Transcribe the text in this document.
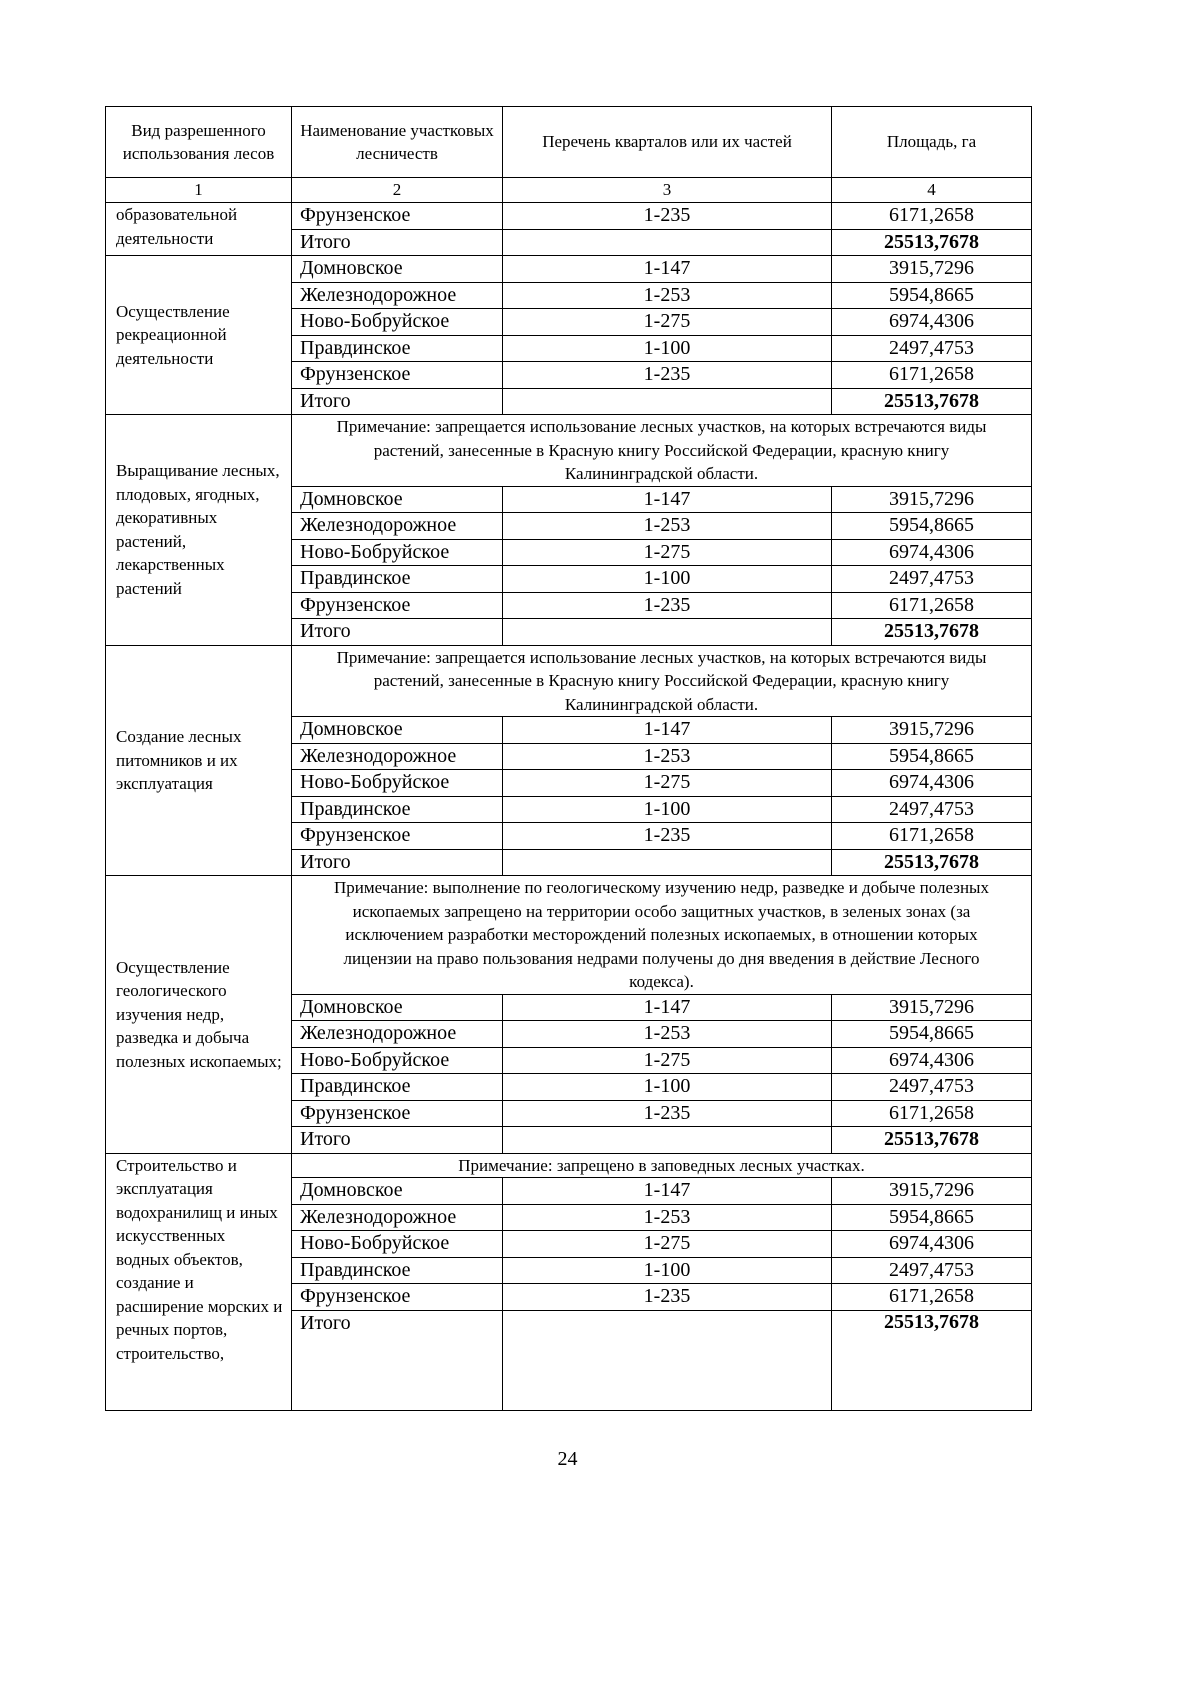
Вид разрешенного использования лесов	Наименование участковых лесничеств	Перечень кварталов или их частей	Площадь, га
1	2	3	4
образовательной деятельности	Фрунзенское	1-235	6171,2658
	Итого		25513,7678
Осуществление рекреационной деятельности	Домновское	1-147	3915,7296
	Железнодорожное	1-253	5954,8665
	Ново-Бобруйское	1-275	6974,4306
	Правдинское	1-100	2497,4753
	Фрунзенское	1-235	6171,2658
	Итого		25513,7678
Выращивание лесных, плодовых, ягодных, декоративных растений, лекарственных растений	Примечание: запрещается использование лесных участков, на которых встречаются виды растений, занесенные в Красную книгу Российской Федерации, красную книгу Калининградской области.		
	Домновское	1-147	3915,7296
	Железнодорожное	1-253	5954,8665
	Ново-Бобруйское	1-275	6974,4306
	Правдинское	1-100	2497,4753
	Фрунзенское	1-235	6171,2658
	Итого		25513,7678
Создание лесных питомников и их эксплуатация	Примечание: запрещается использование лесных участков, на которых встречаются виды растений, занесенные в Красную книгу Российской Федерации, красную книгу Калининградской области.		
	Домновское	1-147	3915,7296
	Железнодорожное	1-253	5954,8665
	Ново-Бобруйское	1-275	6974,4306
	Правдинское	1-100	2497,4753
	Фрунзенское	1-235	6171,2658
	Итого		25513,7678
Осуществление геологического изучения недр, разведка и добыча полезных ископаемых;	Примечание: выполнение по геологическому изучению недр, разведке и добыче полезных ископаемых запрещено на территории особо защитных участков, в зеленых зонах (за исключением разработки месторождений полезных ископаемых, в отношении которых лицензии на право пользования недрами получены до дня введения в действие Лесного кодекса).		
	Домновское	1-147	3915,7296
	Железнодорожное	1-253	5954,8665
	Ново-Бобруйское	1-275	6974,4306
	Правдинское	1-100	2497,4753
	Фрунзенское	1-235	6171,2658
	Итого		25513,7678
Строительство и эксплуатация водохранилищ и иных искусственных водных объектов, создание и расширение морских и речных портов, строительство,	Примечание: запрещено в заповедных лесных участках.		
	Домновское	1-147	3915,7296
	Железнодорожное	1-253	5954,8665
	Ново-Бобруйское	1-275	6974,4306
	Правдинское	1-100	2497,4753
	Фрунзенское	1-235	6171,2658
	Итого		25513,7678
24
